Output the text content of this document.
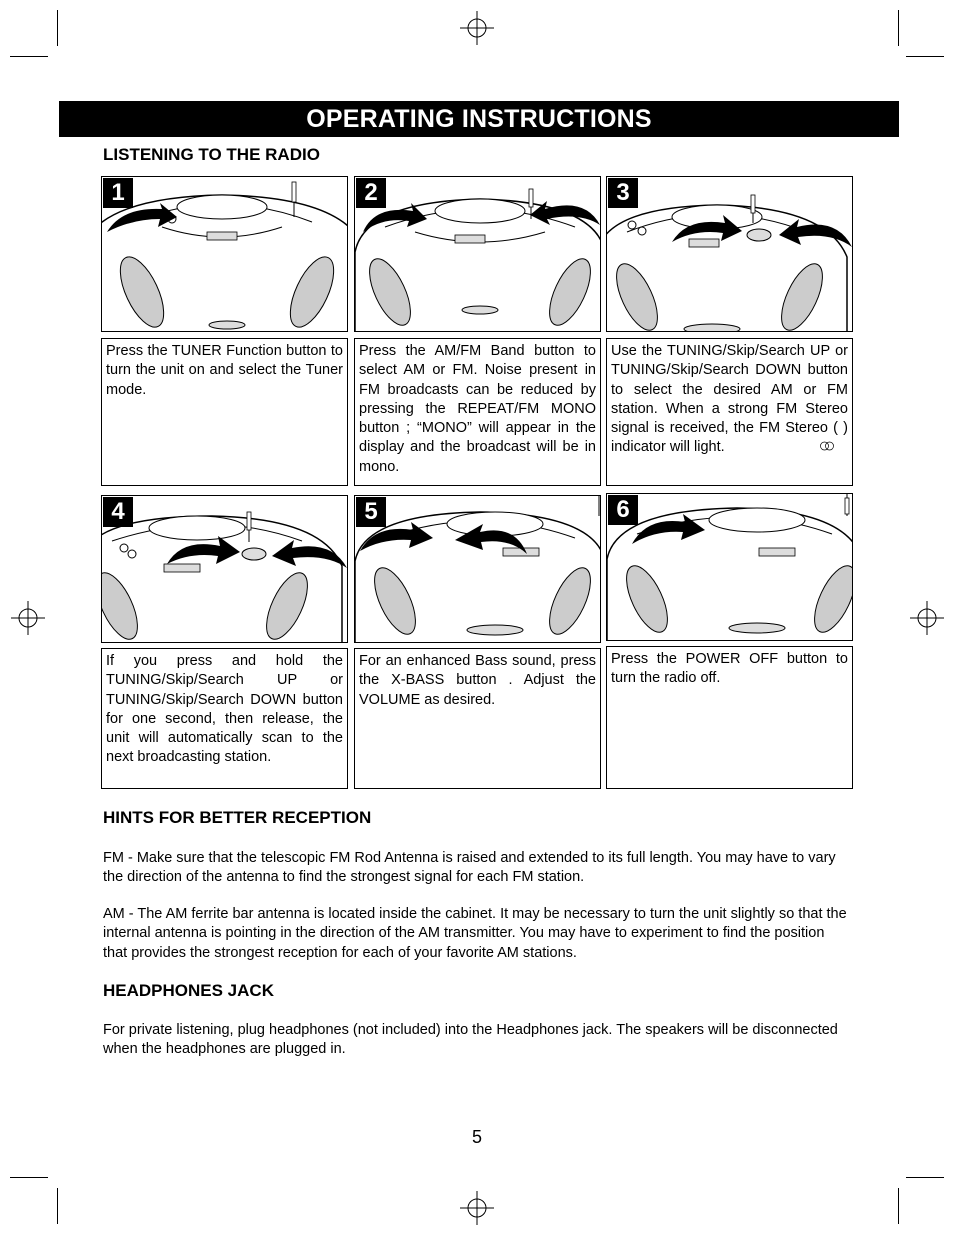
OPERATING INSTRUCTIONS
LISTENING TO THE RADIO
1	2	3
Press the TUNER Function button to turn the unit on and select the Tuner mode.
Press the AM/FM Band button to select AM or FM. Noise present in FM broadcasts can be reduced by pressing the REPEAT/FM MONO button ; “MONO” will appear in the display and the broadcast will be in mono.
Use the TUNING/Skip/Search UP or TUNING/Skip/Search DOWN button to select the desired AM or FM station. When a strong FM Stereo signal is received, the FM Stereo ( ) indicator will light.
4	5	6
If you press and hold the TUNING/Skip/Search UP or TUNING/Skip/Search DOWN button for one second, then release, the unit will automatically scan to the next broadcasting station.
For an enhanced Bass sound, press the X-BASS button . Adjust the VOLUME as desired.
Press the POWER OFF button to turn the radio off.
HINTS FOR BETTER RECEPTION
FM - Make sure that the telescopic FM Rod Antenna is raised and extended to its full length. You may have to vary the direction of the antenna to find the strongest signal for each FM station.
AM - The AM ferrite bar antenna is located inside the cabinet. It may be necessary to turn the unit slightly so that the internal antenna is pointing in the direction of the AM transmitter. You may have to experiment to find the position that provides the strongest reception for each of your favorite AM stations.
HEADPHONES JACK
For private listening, plug headphones (not included) into the Headphones jack. The speakers will be disconnected when the headphones are plugged in.
5
